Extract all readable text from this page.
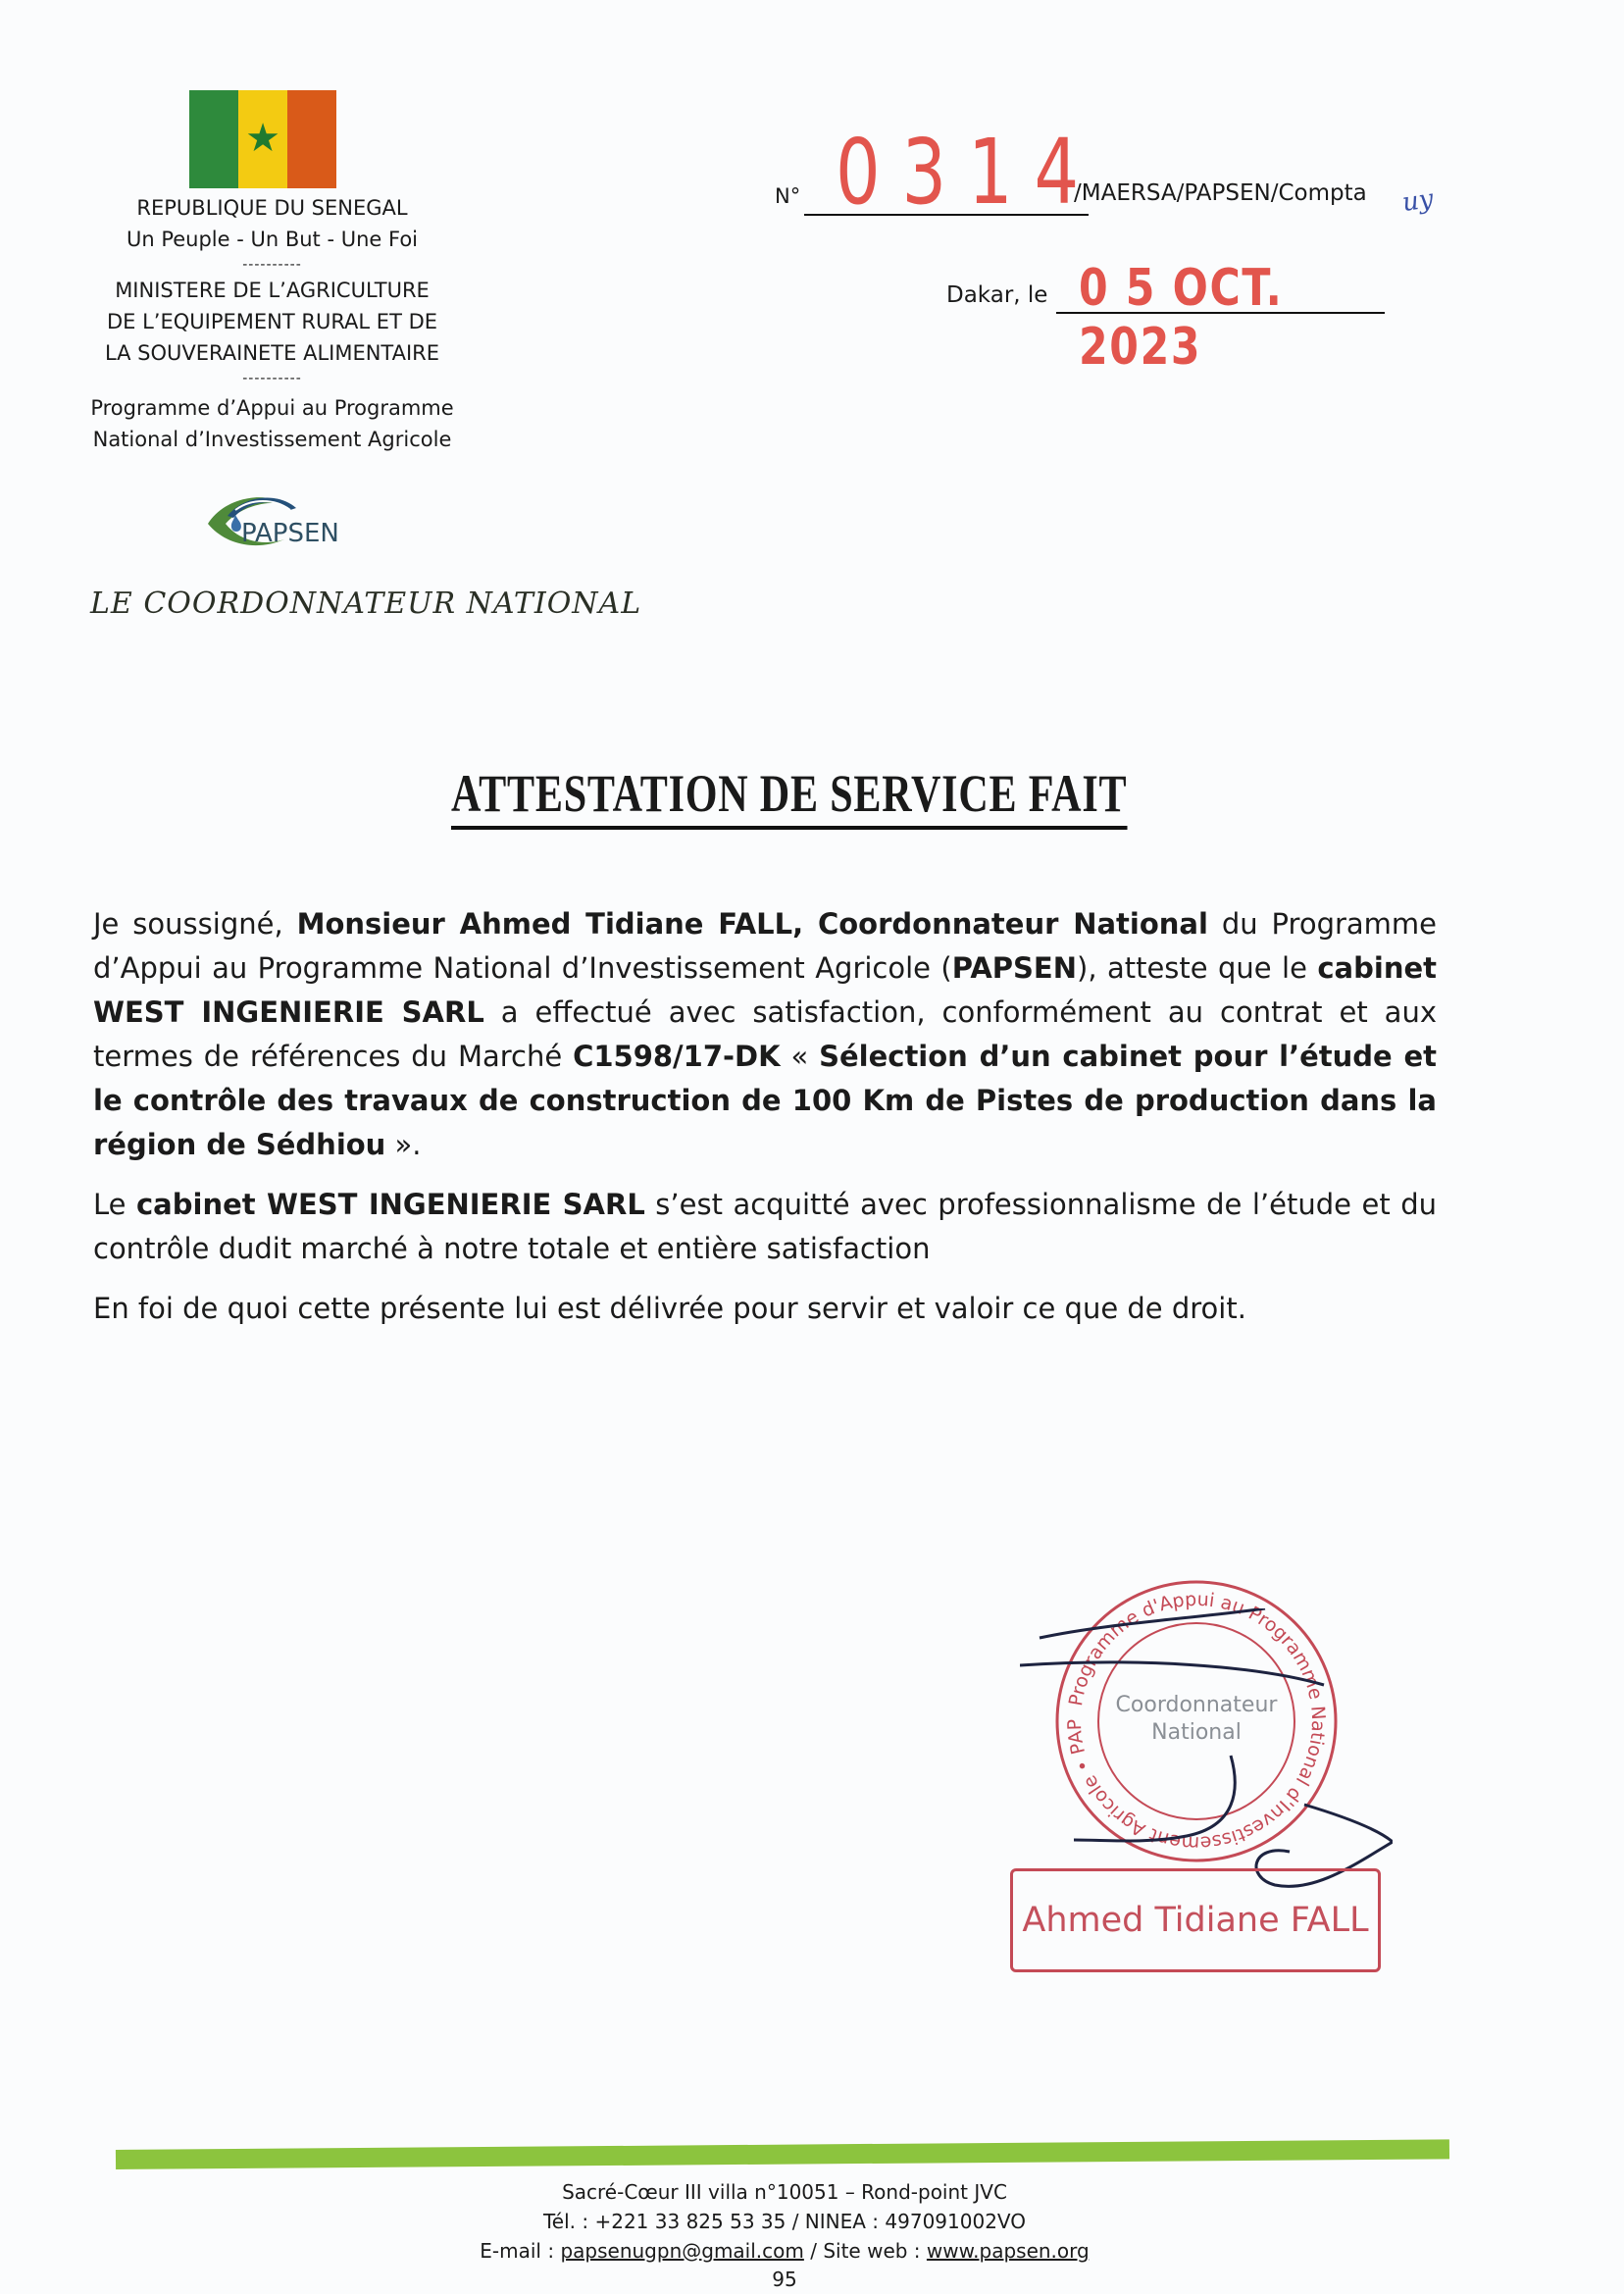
★
REPUBLIQUE DU SENEGAL
Un Peuple - Un But - Une Foi
----------
MINISTERE DE L’AGRICULTURE
DE L’EQUIPEMENT RURAL ET DE
LA SOUVERAINETE ALIMENTAIRE
----------
Programme d’Appui au Programme
National d’Investissement Agricole
PAPSEN
LE COORDONNATEUR NATIONAL
N° 0314
/MAERSA/PAPSEN/Compta uy
Dakar, le 0 5 OCT. 2023
ATTESTATION DE SERVICE FAIT

Je soussigné, Monsieur Ahmed Tidiane FALL, Coordonnateur National du Programme d’Appui au Programme National d’Investissement Agricole (PAPSEN), atteste que le cabinet WEST INGENIERIE SARL a effectué avec satisfaction, conformément au contrat et aux termes de références du Marché C1598/17-DK « Sélection d’un cabinet pour l’étude et le contrôle des travaux de construction de 100 Km de Pistes de production dans la région de Sédhiou ».

Le cabinet WEST INGENIERIE SARL s’est acquitté avec professionnalisme de l’étude et du contrôle dudit marché à notre totale et entière satisfaction

En foi de quoi cette présente lui est délivrée pour servir et valoir ce que de droit.

Programme d'Appui au Programme National d'Investissement Agricole • PAP
Coordonnateur
National
Ahmed Tidiane FALL
Sacré-Cœur III villa n°10051 – Rond-point JVC
Tél. : +221 33 825 53 35 / NINEA : 497091002VO
E-mail : papsenugpn@gmail.com / Site web : www.papsen.org
95
